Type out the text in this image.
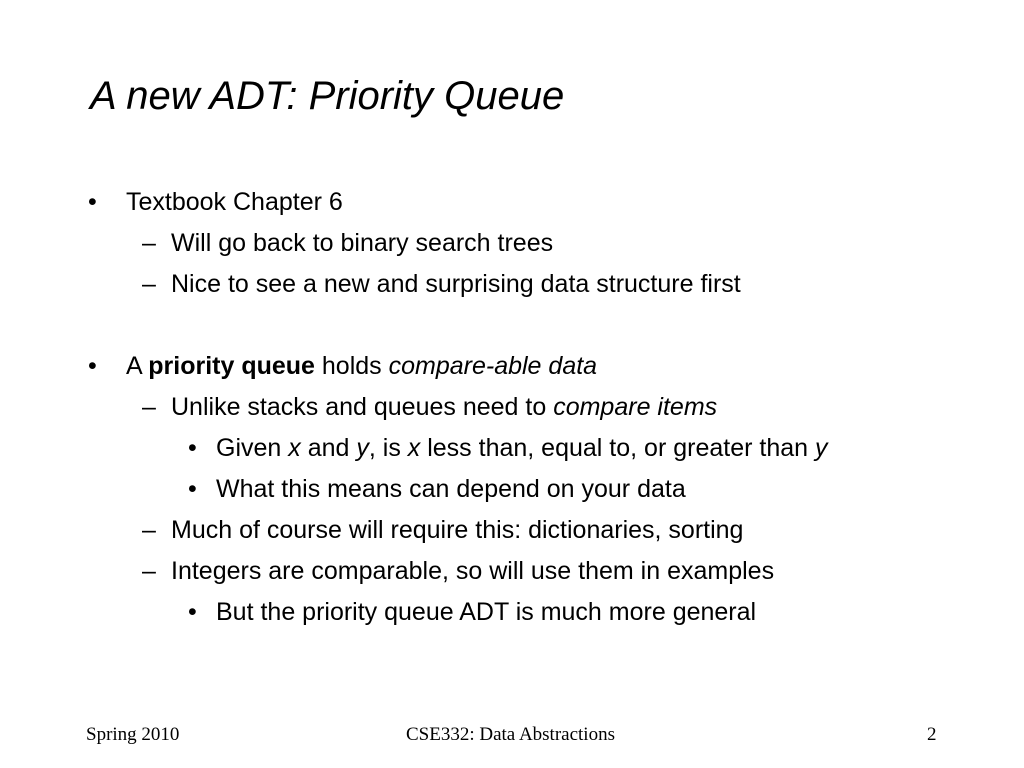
A new ADT: Priority Queue
• Textbook Chapter 6
– Will go back to binary search trees
– Nice to see a new and surprising data structure first
• A priority queue holds compare-able data
– Unlike stacks and queues need to compare items
• Given x and y, is x less than, equal to, or greater than y
• What this means can depend on your data
– Much of course will require this: dictionaries, sorting
– Integers are comparable, so will use them in examples
• But the priority queue ADT is much more general
Spring 2010	CSE332: Data Abstractions	2
